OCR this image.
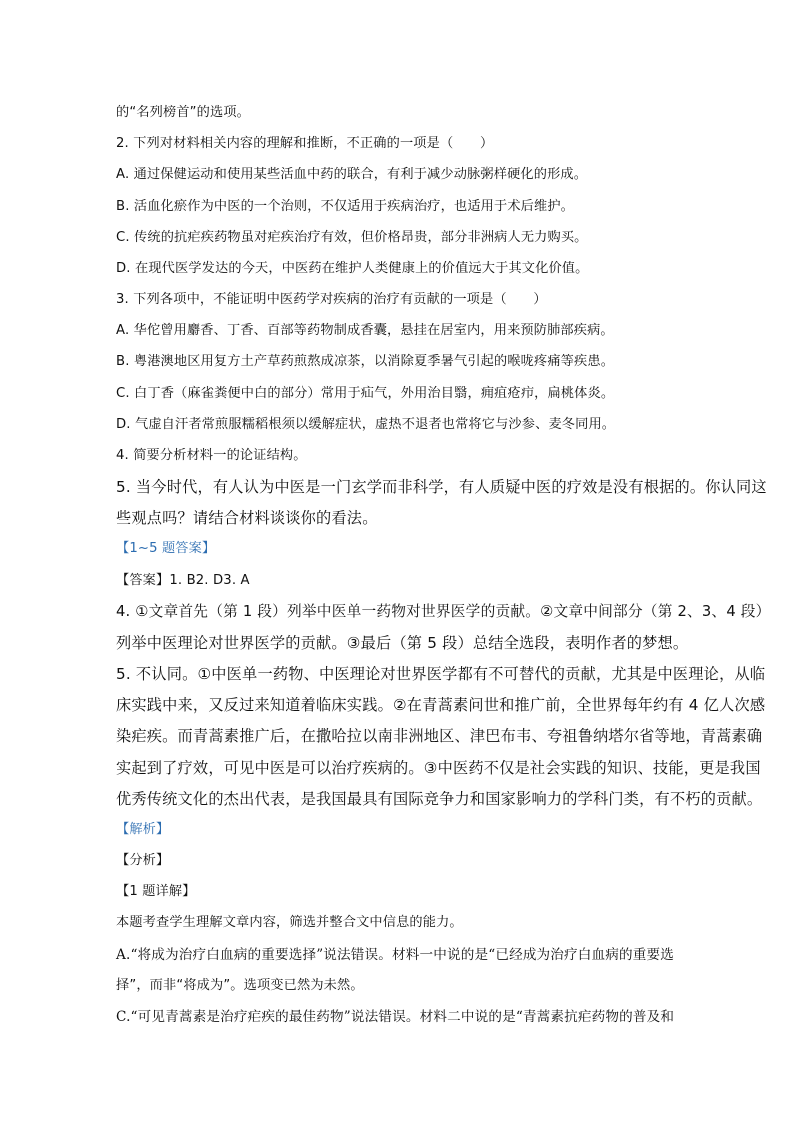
的“名列榜首”的选项。
2. 下列对材料相关内容的理解和推断，不正确的一项是（　　）
A. 通过保健运动和使用某些活血中药的联合，有利于减少动脉粥样硬化的形成。
B. 活血化瘀作为中医的一个治则，不仅适用于疾病治疗，也适用于术后维护。
C. 传统的抗疟疾药物虽对疟疾治疗有效，但价格昂贵，部分非洲病人无力购买。
D. 在现代医学发达的今天，中医药在维护人类健康上的价值远大于其文化价值。
3. 下列各项中，不能证明中医药学对疾病的治疗有贡献的一项是（　　）
A. 华佗曾用麝香、丁香、百部等药物制成香囊，悬挂在居室内，用来预防肺部疾病。
B. 粤港澳地区用复方土产草药煎熬成凉茶，以消除夏季暑气引起的喉咙疼痛等疾患。
C. 白丁香（麻雀粪便中白的部分）常用于疝气，外用治目翳，痈疽疮疖，扁桃体炎。
D. 气虚自汗者常煎服糯稻根须以缓解症状，虚热不退者也常将它与沙参、麦冬同用。
4. 简要分析材料一的论证结构。
5. 当今时代，有人认为中医是一门玄学而非科学，有人质疑中医的疗效是没有根据的。你认同这
些观点吗？请结合材料谈谈你的看法。
【1~5 题答案】
【答案】1. B2. D3. A
4. ①文章首先（第 1 段）列举中医单一药物对世界医学的贡献。②文章中间部分（第 2、3、4 段）
列举中医理论对世界医学的贡献。③最后（第 5 段）总结全选段，表明作者的梦想。
5. 不认同。①中医单一药物、中医理论对世界医学都有不可替代的贡献，尤其是中医理论，从临
床实践中来，又反过来知道着临床实践。②在青蒿素问世和推广前，全世界每年约有 4 亿人次感
染疟疾。而青蒿素推广后，在撒哈拉以南非洲地区、津巴布韦、夸祖鲁纳塔尔省等地，青蒿素确
实起到了疗效，可见中医是可以治疗疾病的。③中医药不仅是社会实践的知识、技能，更是我国
优秀传统文化的杰出代表，是我国最具有国际竞争力和国家影响力的学科门类，有不朽的贡献。
【解析】
【分析】
【1 题详解】
本题考查学生理解文章内容，筛选并整合文中信息的能力。
A.“将成为治疗白血病的重要选择”说法错误。材料一中说的是“已经成为治疗白血病的重要选
择”，而非“将成为”。选项变已然为未然。
C.“可见青蒿素是治疗疟疾的最佳药物”说法错误。材料二中说的是“青蒿素抗疟药物的普及和
